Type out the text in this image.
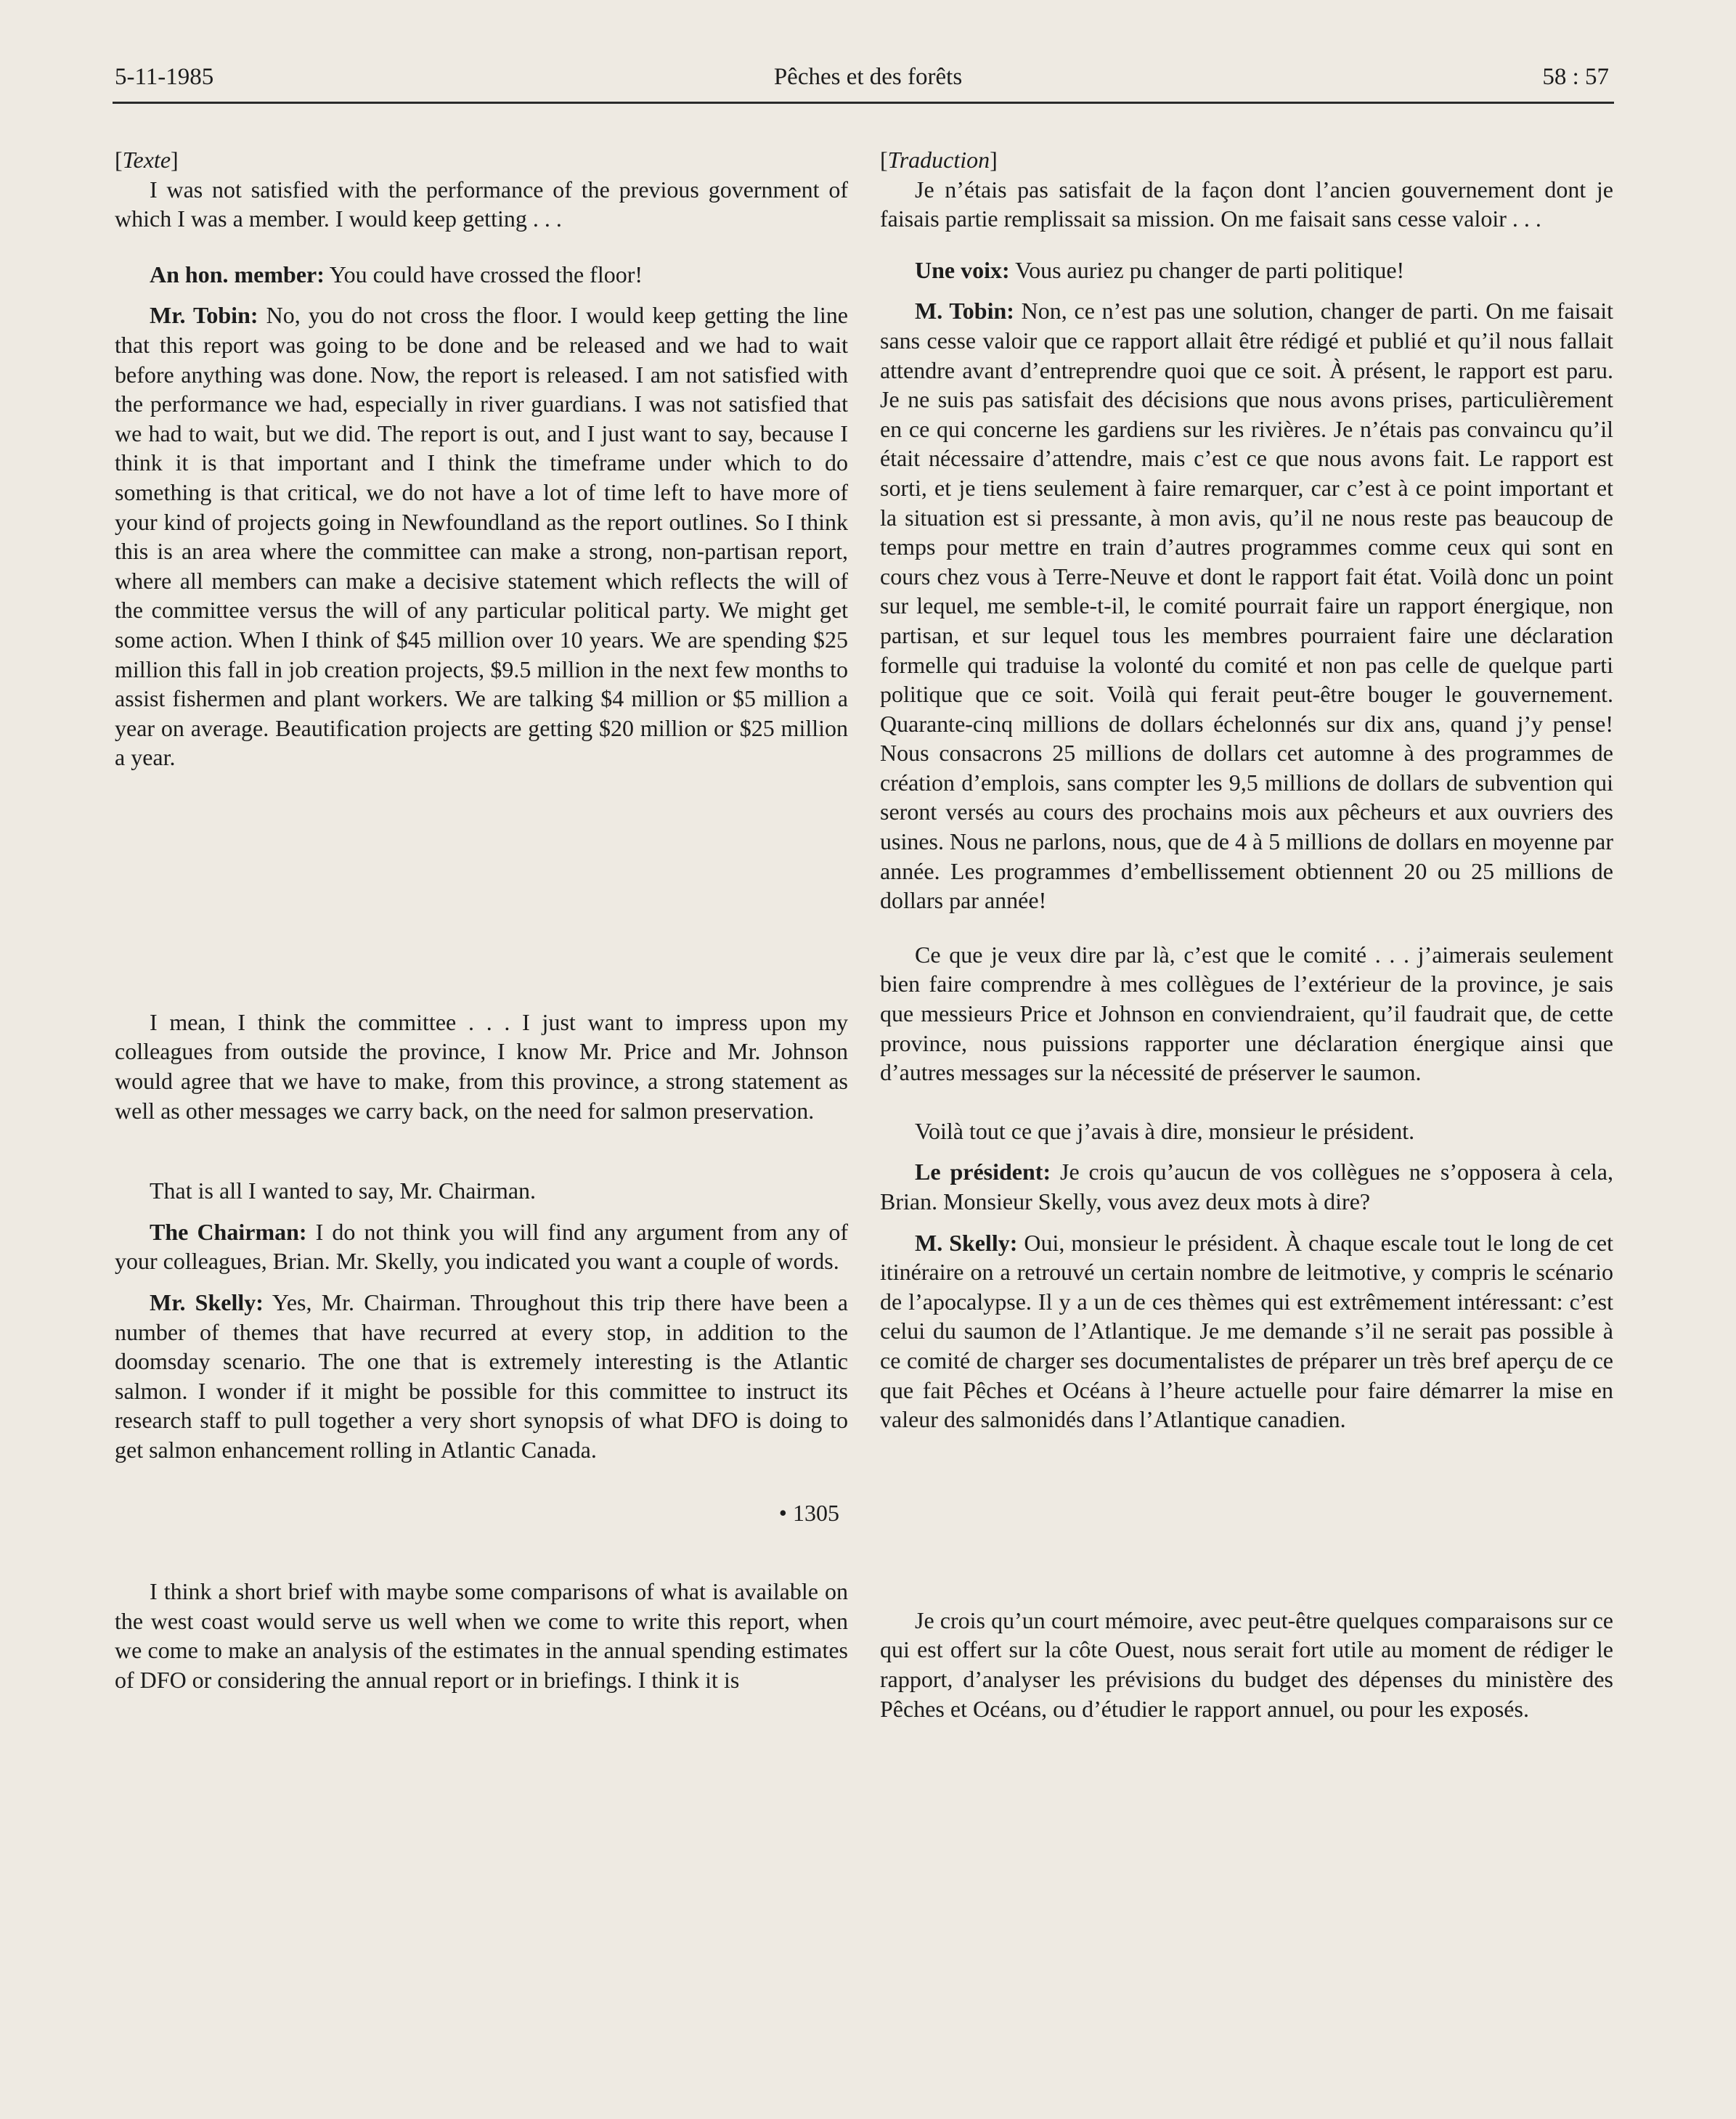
5-11-1985	Pêches et des forêts	58 : 57

[Texte]

I was not satisfied with the performance of the previous government of which I was a member. I would keep getting . . .

An hon. member: You could have crossed the floor!

Mr. Tobin: No, you do not cross the floor. I would keep getting the line that this report was going to be done and be released and we had to wait before anything was done. Now, the report is released. I am not satisfied with the performance we had, especially in river guardians. I was not satisfied that we had to wait, but we did. The report is out, and I just want to say, because I think it is that important and I think the timeframe under which to do something is that critical, we do not have a lot of time left to have more of your kind of projects going in Newfoundland as the report outlines. So I think this is an area where the committee can make a strong, non-partisan report, where all members can make a decisive statement which reflects the will of the committee versus the will of any particular political party. We might get some action. When I think of $45 million over 10 years. We are spending $25 million this fall in job creation projects, $9.5 million in the next few months to assist fishermen and plant workers. We are talking $4 million or $5 million a year on average. Beautification projects are getting $20 million or $25 million a year.

I mean, I think the committee . . . I just want to impress upon my colleagues from outside the province, I know Mr. Price and Mr. Johnson would agree that we have to make, from this province, a strong statement as well as other messages we carry back, on the need for salmon preservation.

That is all I wanted to say, Mr. Chairman.

The Chairman: I do not think you will find any argument from any of your colleagues, Brian. Mr. Skelly, you indicated you want a couple of words.

Mr. Skelly: Yes, Mr. Chairman. Throughout this trip there have been a number of themes that have recurred at every stop, in addition to the doomsday scenario. The one that is extremely interesting is the Atlantic salmon. I wonder if it might be possible for this committee to instruct its research staff to pull together a very short synopsis of what DFO is doing to get salmon enhancement rolling in Atlantic Canada.

• 1305

I think a short brief with maybe some comparisons of what is available on the west coast would serve us well when we come to write this report, when we come to make an analysis of the estimates in the annual spending estimates of DFO or considering the annual report or in briefings. I think it is

[Traduction]

Je n’étais pas satisfait de la façon dont l’ancien gouvernement dont je faisais partie remplissait sa mission. On me faisait sans cesse valoir . . .

Une voix: Vous auriez pu changer de parti politique!

M. Tobin: Non, ce n’est pas une solution, changer de parti. On me faisait sans cesse valoir que ce rapport allait être rédigé et publié et qu’il nous fallait attendre avant d’entreprendre quoi que ce soit. À présent, le rapport est paru. Je ne suis pas satisfait des décisions que nous avons prises, particulièrement en ce qui concerne les gardiens sur les rivières. Je n’étais pas convaincu qu’il était nécessaire d’attendre, mais c’est ce que nous avons fait. Le rapport est sorti, et je tiens seulement à faire remarquer, car c’est à ce point important et la situation est si pressante, à mon avis, qu’il ne nous reste pas beaucoup de temps pour mettre en train d’autres programmes comme ceux qui sont en cours chez vous à Terre-Neuve et dont le rapport fait état. Voilà donc un point sur lequel, me semble-t-il, le comité pourrait faire un rapport énergique, non partisan, et sur lequel tous les membres pourraient faire une déclaration formelle qui traduise la volonté du comité et non pas celle de quelque parti politique que ce soit. Voilà qui ferait peut-être bouger le gouvernement. Quarante-cinq millions de dollars échelonnés sur dix ans, quand j’y pense! Nous consacrons 25 millions de dollars cet automne à des programmes de création d’emplois, sans compter les 9,5 millions de dollars de subvention qui seront versés au cours des prochains mois aux pêcheurs et aux ouvriers des usines. Nous ne parlons, nous, que de 4 à 5 millions de dollars en moyenne par année. Les programmes d’embellissement obtiennent 20 ou 25 millions de dollars par année!

Ce que je veux dire par là, c’est que le comité . . . j’aimerais seulement bien faire comprendre à mes collègues de l’extérieur de la province, je sais que messieurs Price et Johnson en conviendraient, qu’il faudrait que, de cette province, nous puissions rapporter une déclaration énergique ainsi que d’autres messages sur la nécessité de préserver le saumon.

Voilà tout ce que j’avais à dire, monsieur le président.

Le président: Je crois qu’aucun de vos collègues ne s’opposera à cela, Brian. Monsieur Skelly, vous avez deux mots à dire?

M. Skelly: Oui, monsieur le président. À chaque escale tout le long de cet itinéraire on a retrouvé un certain nombre de leitmotive, y compris le scénario de l’apocalypse. Il y a un de ces thèmes qui est extrêmement intéressant: c’est celui du saumon de l’Atlantique. Je me demande s’il ne serait pas possible à ce comité de charger ses documentalistes de préparer un très bref aperçu de ce que fait Pêches et Océans à l’heure actuelle pour faire démarrer la mise en valeur des salmonidés dans l’Atlantique canadien.

Je crois qu’un court mémoire, avec peut-être quelques comparaisons sur ce qui est offert sur la côte Ouest, nous serait fort utile au moment de rédiger le rapport, d’analyser les prévisions du budget des dépenses du ministère des Pêches et Océans, ou d’étudier le rapport annuel, ou pour les exposés.
